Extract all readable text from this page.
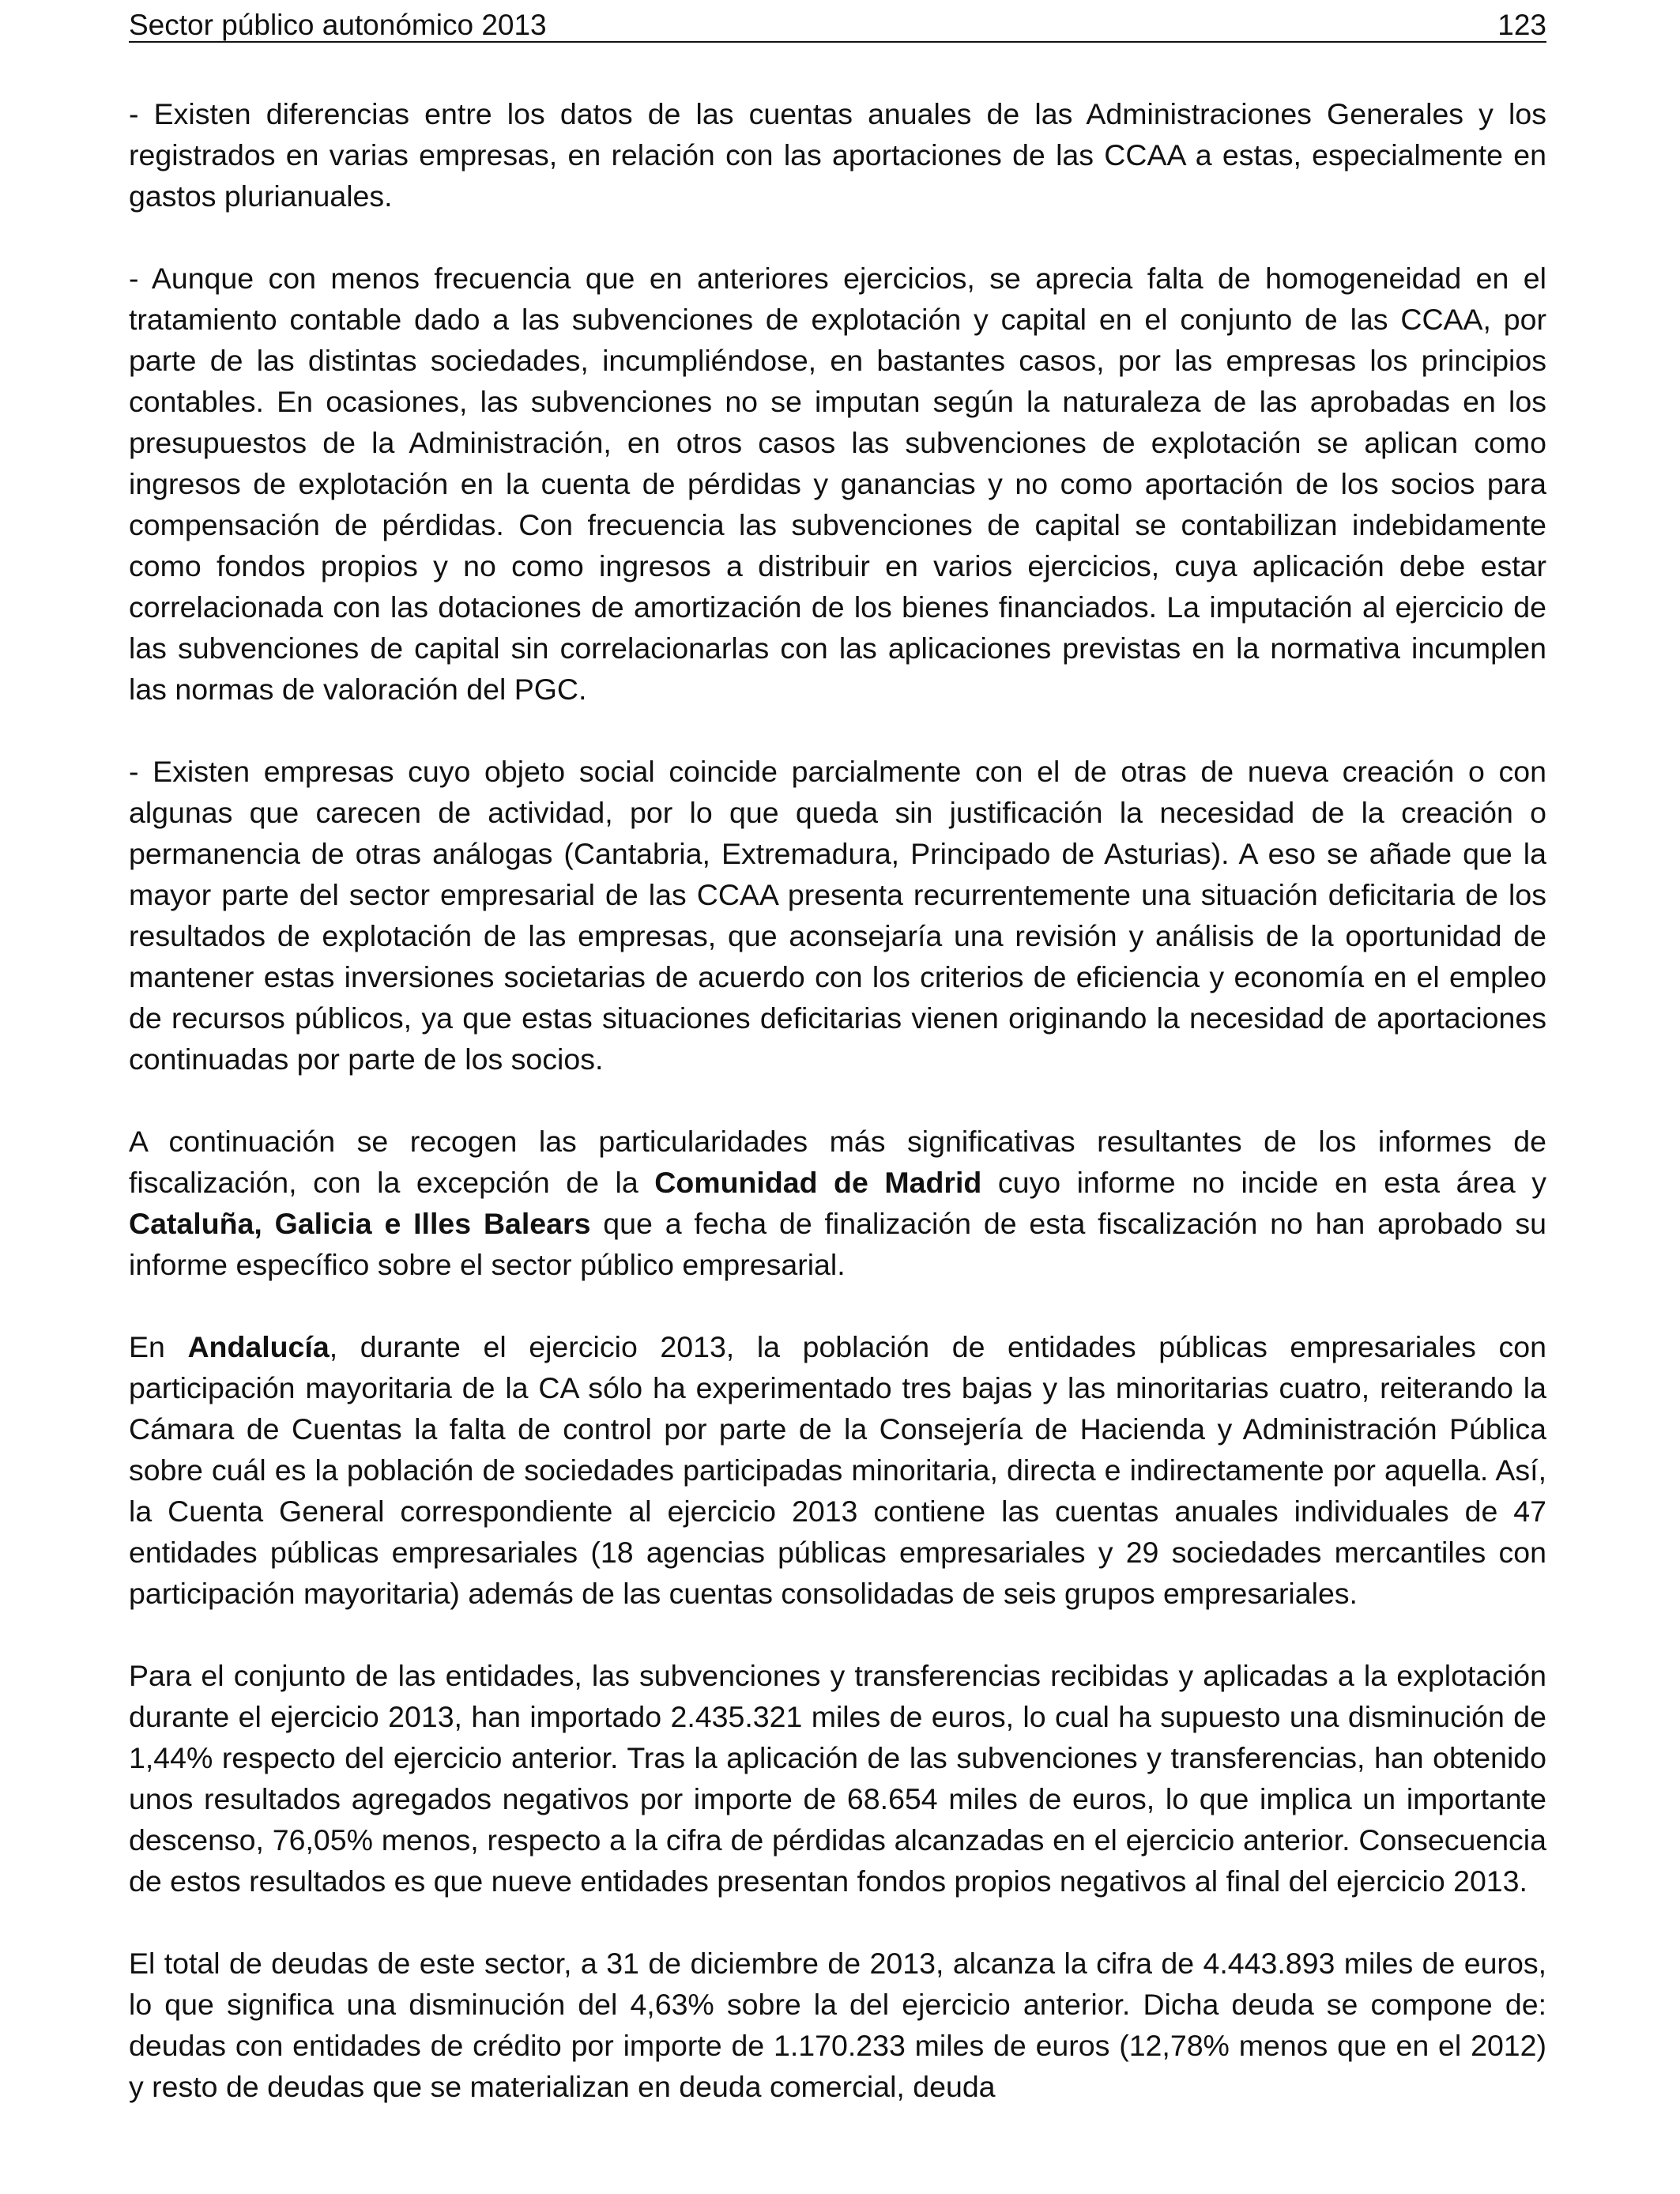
Sector público autonómico 2013	123

- Existen diferencias entre los datos de las cuentas anuales de las Administraciones Generales y los registrados en varias empresas, en relación con las aportaciones de las CCAA a estas, especialmente en gastos plurianuales.

- Aunque con menos frecuencia que en anteriores ejercicios, se aprecia falta de homogeneidad en el tratamiento contable dado a las subvenciones de explotación y capital en el conjunto de las CCAA, por parte de las distintas sociedades, incumpliéndose, en bastantes casos, por las empresas los principios contables. En ocasiones, las subvenciones no se imputan según la naturaleza de las aprobadas en los presupuestos de la Administración, en otros casos las subvenciones de explotación se aplican como ingresos de explotación en la cuenta de pérdidas y ganancias y no como aportación de los socios para compensación de pérdidas. Con frecuencia las subvenciones de capital se contabilizan indebidamente como fondos propios y no como ingresos a distribuir en varios ejercicios, cuya aplicación debe estar correlacionada con las dotaciones de amortización de los bienes financiados. La imputación al ejercicio de las subvenciones de capital sin correlacionarlas con las aplicaciones previstas en la normativa incumplen las normas de valoración del PGC.

- Existen empresas cuyo objeto social coincide parcialmente con el de otras de nueva creación o con algunas que carecen de actividad, por lo que queda sin justificación la necesidad de la creación o permanencia de otras análogas (Cantabria, Extremadura, Principado de Asturias). A eso se añade que la mayor parte del sector empresarial de las CCAA presenta recurrentemente una situación deficitaria de los resultados de explotación de las empresas, que aconsejaría una revisión y análisis de la oportunidad de mantener estas inversiones societarias de acuerdo con los criterios de eficiencia y economía en el empleo de recursos públicos, ya que estas situaciones deficitarias vienen originando la necesidad de aportaciones continuadas por parte de los socios.

A continuación se recogen las particularidades más significativas resultantes de los informes de fiscalización, con la excepción de la Comunidad de Madrid cuyo informe no incide en esta área y Cataluña, Galicia e Illes Balears que a fecha de finalización de esta fiscalización no han aprobado su informe específico sobre el sector público empresarial.

En Andalucía, durante el ejercicio 2013, la población de entidades públicas empresariales con participación mayoritaria de la CA sólo ha experimentado tres bajas y las minoritarias cuatro, reiterando la Cámara de Cuentas la falta de control por parte de la Consejería de Hacienda y Administración Pública sobre cuál es la población de sociedades participadas minoritaria, directa e indirectamente por aquella. Así, la Cuenta General correspondiente al ejercicio 2013 contiene las cuentas anuales individuales de 47 entidades públicas empresariales (18 agencias públicas empresariales y 29 sociedades mercantiles con participación mayoritaria) además de las cuentas consolidadas de seis grupos empresariales.

Para el conjunto de las entidades, las subvenciones y transferencias recibidas y aplicadas a la explotación durante el ejercicio 2013, han importado 2.435.321 miles de euros, lo cual ha supuesto una disminución de 1,44% respecto del ejercicio anterior. Tras la aplicación de las subvenciones y transferencias, han obtenido unos resultados agregados negativos por importe de 68.654 miles de euros, lo que implica un importante descenso, 76,05% menos, respecto a la cifra de pérdidas alcanzadas en el ejercicio anterior. Consecuencia de estos resultados es que nueve entidades presentan fondos propios negativos al final del ejercicio 2013.

El total de deudas de este sector, a 31 de diciembre de 2013, alcanza la cifra de 4.443.893 miles de euros, lo que significa una disminución del 4,63% sobre la del ejercicio anterior. Dicha deuda se compone de: deudas con entidades de crédito por importe de 1.170.233 miles de euros (12,78% menos que en el 2012) y resto de deudas que se materializan en deuda comercial, deuda
